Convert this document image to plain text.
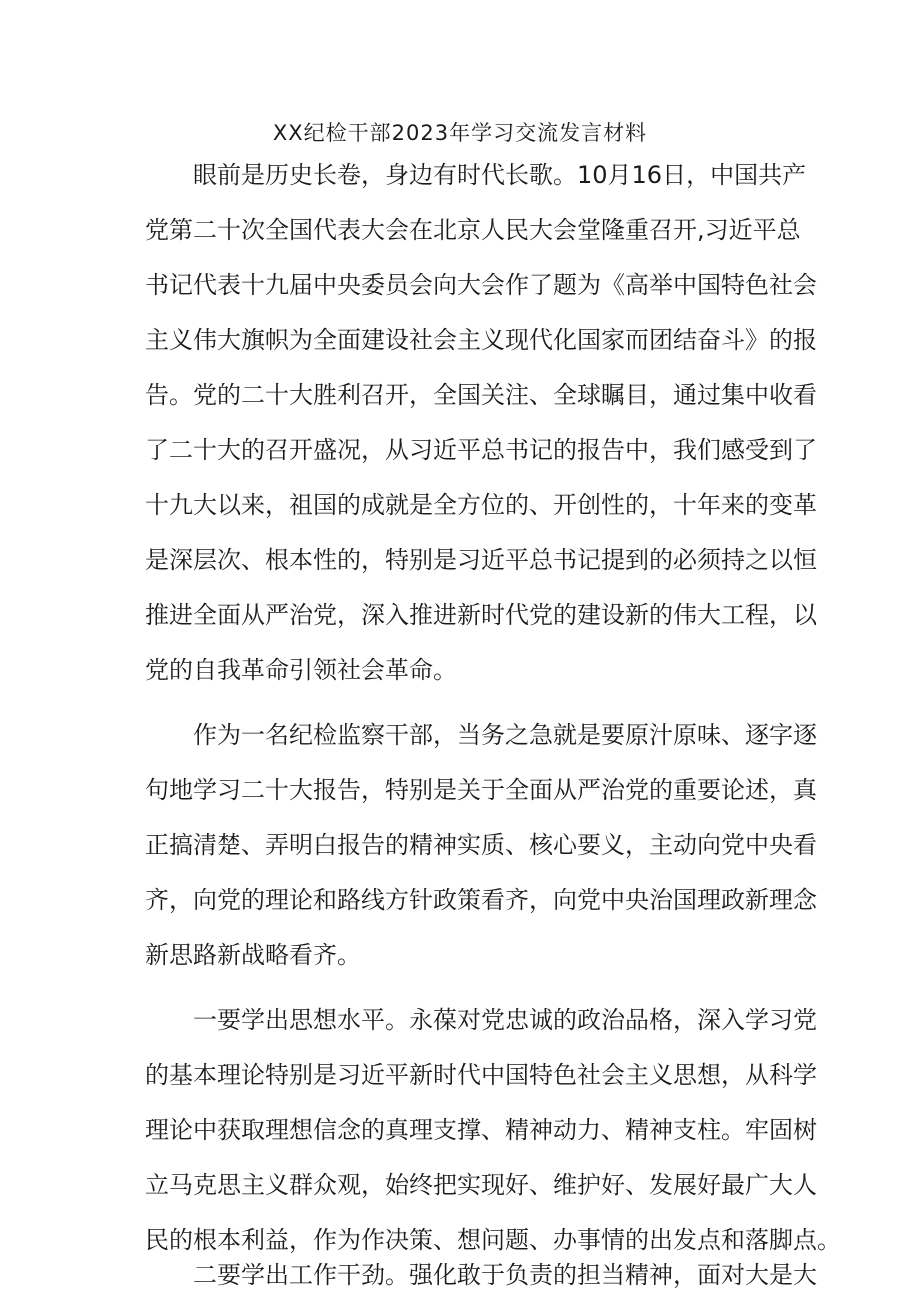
XX纪检干部2023年学习交流发言材料
　　眼前是历史长卷，身边有时代长歌。10月16日，中国共产
党第二十次全国代表大会在北京人民大会堂隆重召开,习近平总
书记代表十九届中央委员会向大会作了题为《高举中国特色社会
主义伟大旗帜为全面建设社会主义现代化国家而团结奋斗》的报
告。党的二十大胜利召开，全国关注、全球瞩目，通过集中收看
了二十大的召开盛况，从习近平总书记的报告中，我们感受到了
十九大以来，祖国的成就是全方位的、开创性的，十年来的变革
是深层次、根本性的，特别是习近平总书记提到的必须持之以恒
推进全面从严治党，深入推进新时代党的建设新的伟大工程，以
党的自我革命引领社会革命。
　　作为一名纪检监察干部，当务之急就是要原汁原味、逐字逐
句地学习二十大报告，特别是关于全面从严治党的重要论述，真
正搞清楚、弄明白报告的精神实质、核心要义，主动向党中央看
齐，向党的理论和路线方针政策看齐，向党中央治国理政新理念
新思路新战略看齐。
　　一要学出思想水平。永葆对党忠诚的政治品格，深入学习党
的基本理论特别是习近平新时代中国特色社会主义思想，从科学
理论中获取理想信念的真理支撑、精神动力、精神支柱。牢固树
立马克思主义群众观，始终把实现好、维护好、发展好最广大人
民的根本利益，作为作决策、想问题、办事情的出发点和落脚点。
　　二要学出工作干劲。强化敢于负责的担当精神，面对大是大
